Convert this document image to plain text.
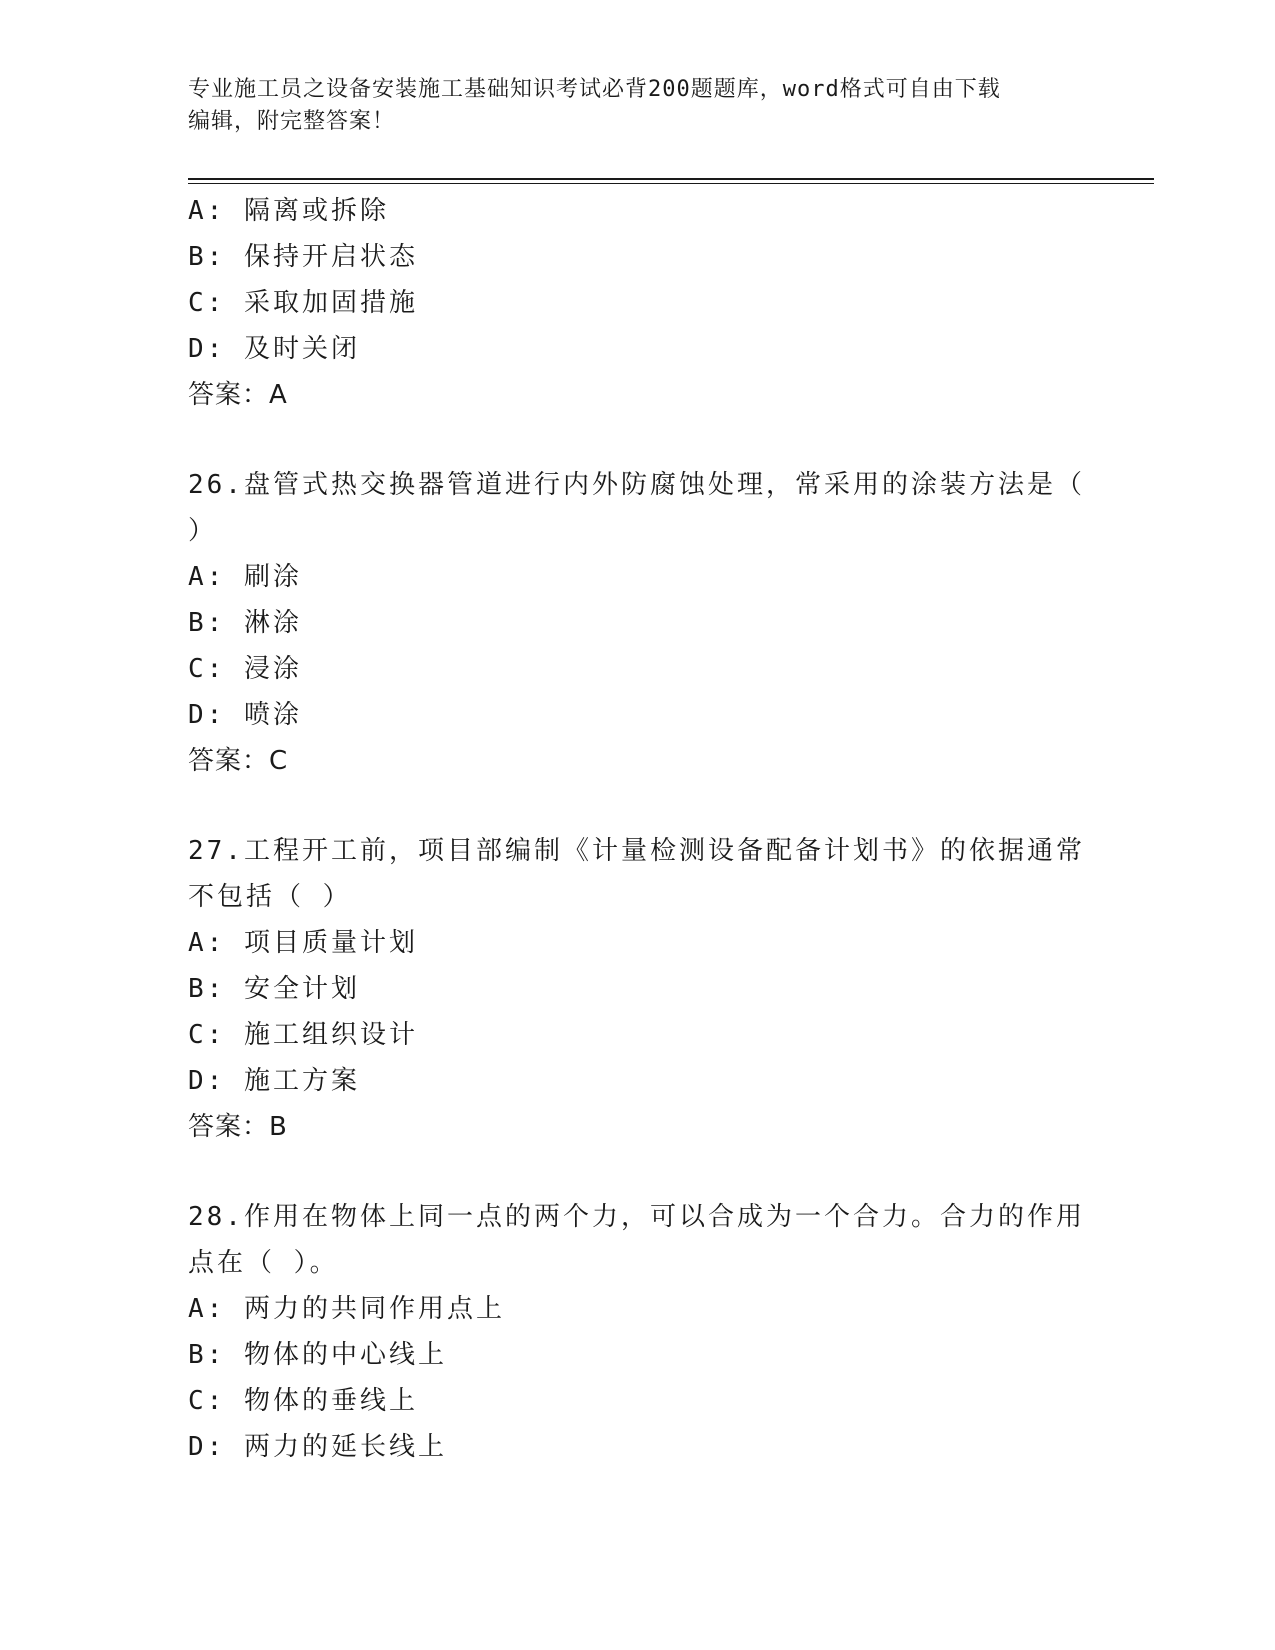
专业施工员之设备安装施工基础知识考试必背200题题库，word格式可自由下载
编辑，附完整答案！
A: 隔离或拆除
B: 保持开启状态
C: 采取加固措施
D: 及时关闭
答案：A
26.盘管式热交换器管道进行内外防腐蚀处理，常采用的涂装方法是（
）
A: 刷涂
B: 淋涂
C: 浸涂
D: 喷涂
答案：C
27.工程开工前，项目部编制《计量检测设备配备计划书》的依据通常
不包括（ ）
A: 项目质量计划
B: 安全计划
C: 施工组织设计
D: 施工方案
答案：B
28.作用在物体上同一点的两个力，可以合成为一个合力。合力的作用
点在（ ）。
A: 两力的共同作用点上
B: 物体的中心线上
C: 物体的垂线上
D: 两力的延长线上
